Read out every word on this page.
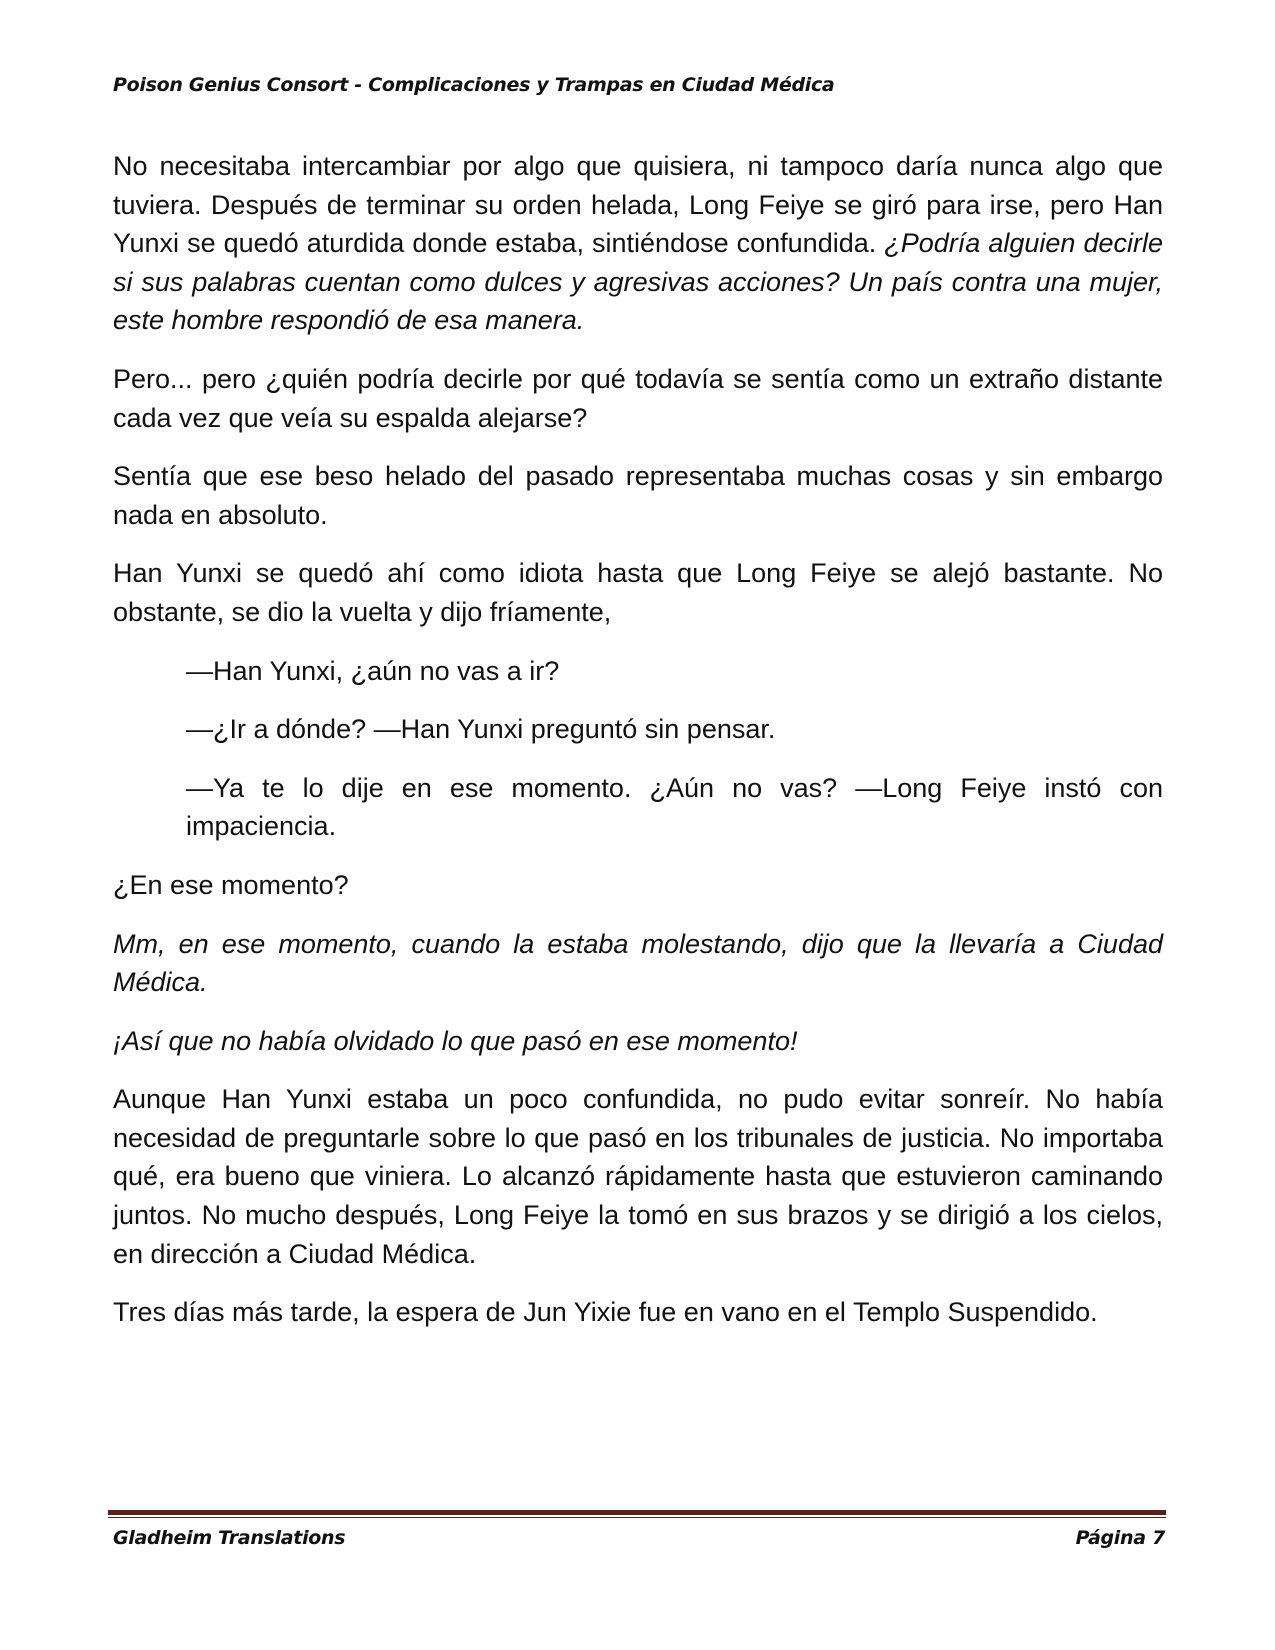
Poison Genius Consort - Complicaciones y Trampas en Ciudad Médica

No necesitaba intercambiar por algo que quisiera, ni tampoco daría nunca algo que tuviera. Después de terminar su orden helada, Long Feiye se giró para irse, pero Han Yunxi se quedó aturdida donde estaba, sintiéndose confundida. ¿Podría alguien decirle si sus palabras cuentan como dulces y agresivas acciones? Un país contra una mujer, este hombre respondió de esa manera.

Pero... pero ¿quién podría decirle por qué todavía se sentía como un extraño distante cada vez que veía su espalda alejarse?

Sentía que ese beso helado del pasado representaba muchas cosas y sin embargo nada en absoluto.

Han Yunxi se quedó ahí como idiota hasta que Long Feiye se alejó bastante. No obstante, se dio la vuelta y dijo fríamente,

—Han Yunxi, ¿aún no vas a ir?

—¿Ir a dónde? —Han Yunxi preguntó sin pensar.

—Ya te lo dije en ese momento. ¿Aún no vas? —Long Feiye instó con impaciencia.

¿En ese momento?

Mm, en ese momento, cuando la estaba molestando, dijo que la llevaría a Ciudad Médica.

¡Así que no había olvidado lo que pasó en ese momento!

Aunque Han Yunxi estaba un poco confundida, no pudo evitar sonreír. No había necesidad de preguntarle sobre lo que pasó en los tribunales de justicia. No importaba qué, era bueno que viniera. Lo alcanzó rápidamente hasta que estuvieron caminando juntos. No mucho después, Long Feiye la tomó en sus brazos y se dirigió a los cielos, en dirección a Ciudad Médica.

Tres días más tarde, la espera de Jun Yixie fue en vano en el Templo Suspendido.

Gladheim Translations	Página 7
